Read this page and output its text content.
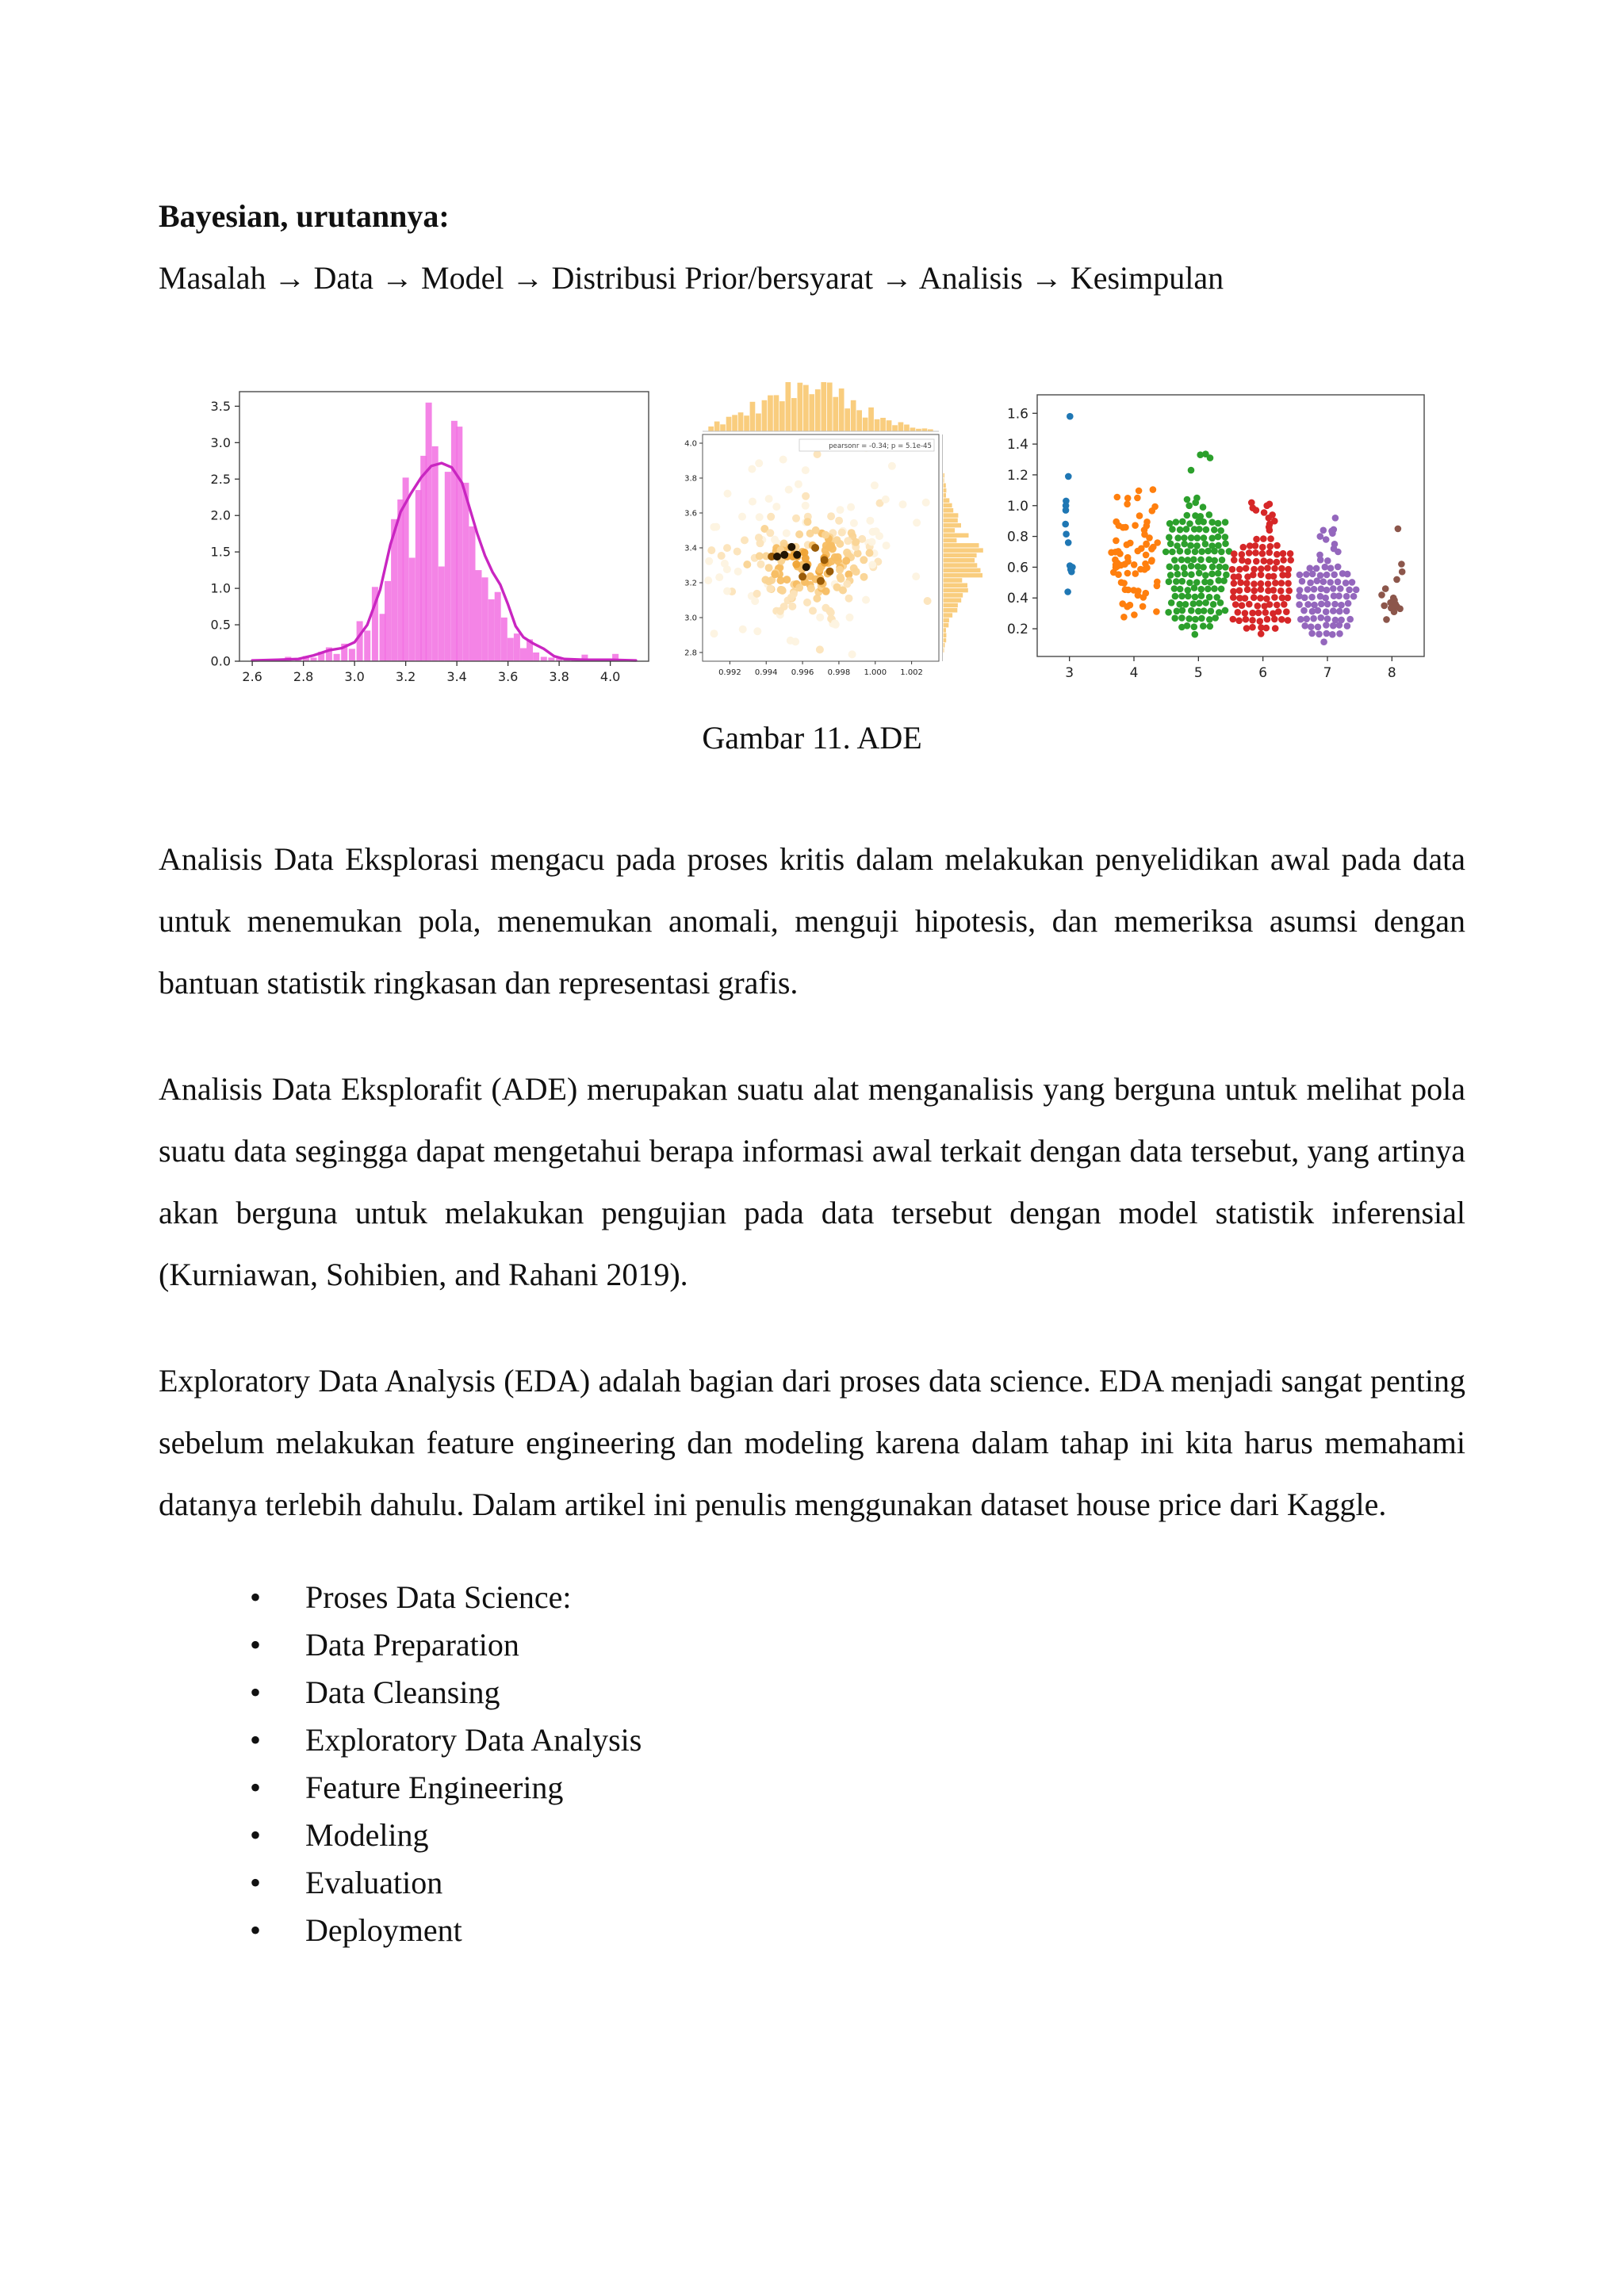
Bayesian, urutannya:

Masalah → Data → Model → Distribusi Prior/bersyarat → Analisis → Kesimpulan

2.6 2.8 3.0 3.2 3.4 3.6 3.8 4.0
0.0
0.5
1.0
1.5
2.0
2.5
3.0
3.5
pearsonr = -0.34; p = 5.1e-45
0.992 0.994 0.996 0.998 1.000 1.002
2.8
3.0
3.2
3.4
3.6
3.8
4.0
3	4	5	6	7	8
0.2
0.4
0.6
0.8
1.0
1.2
1.4
1.6

Gambar 11. ADE

Analisis Data Eksplorasi mengacu pada proses kritis dalam melakukan penyelidikan awal pada data untuk menemukan pola, menemukan anomali, menguji hipotesis, dan memeriksa asumsi dengan bantuan statistik ringkasan dan representasi grafis.

Analisis Data Eksplorafit (ADE) merupakan suatu alat menganalisis yang berguna untuk melihat pola suatu data segingga dapat mengetahui berapa informasi awal terkait dengan data tersebut, yang artinya akan berguna untuk melakukan pengujian pada data tersebut dengan model statistik inferensial (Kurniawan, Sohibien, and Rahani 2019).

Exploratory Data Analysis (EDA) adalah bagian dari proses data science. EDA menjadi sangat penting sebelum melakukan feature engineering dan modeling karena dalam tahap ini kita harus memahami datanya terlebih dahulu. Dalam artikel ini penulis menggunakan dataset house price dari Kaggle.

•	Proses Data Science:
•	Data Preparation
•	Data Cleansing
•	Exploratory Data Analysis
•	Feature Engineering
•	Modeling
•	Evaluation
•	Deployment
